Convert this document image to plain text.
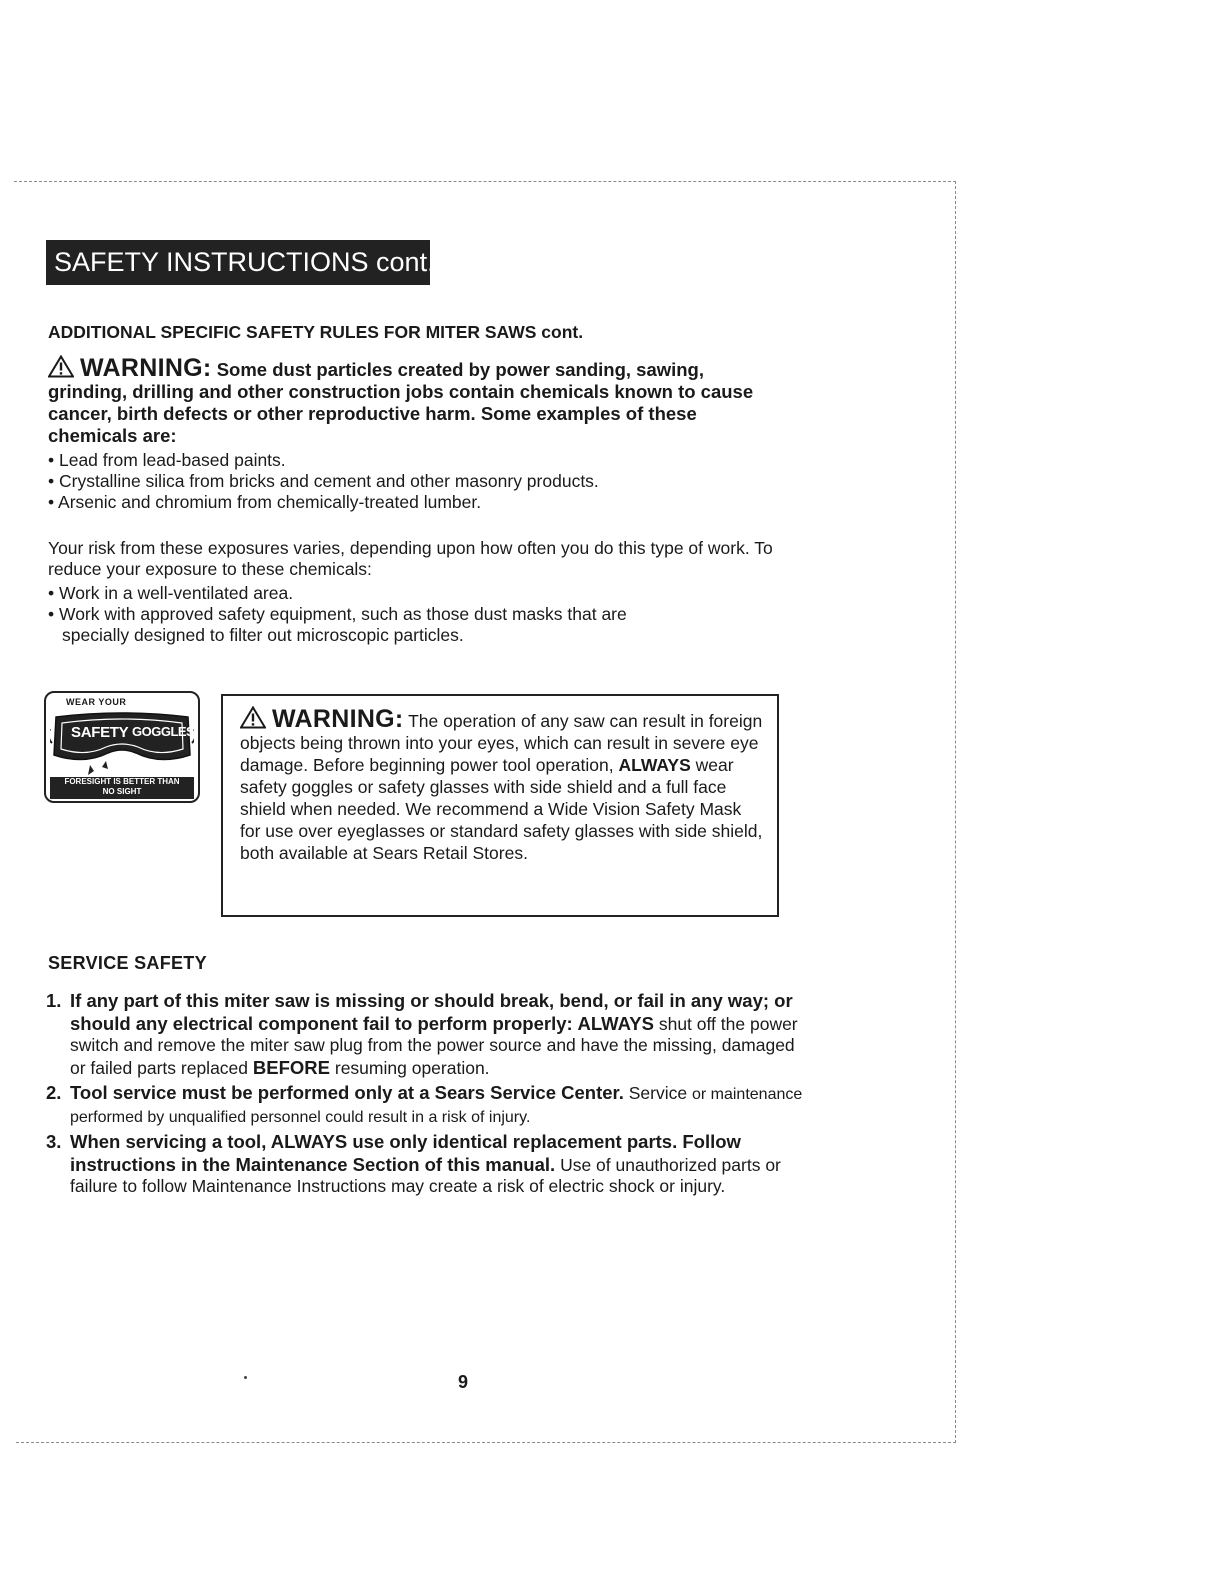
SAFETY INSTRUCTIONS cont.
ADDITIONAL SPECIFIC SAFETY RULES FOR MITER SAWS cont.

WARNING: Some dust particles created by power sanding, sawing, grinding, drilling and other construction jobs contain chemicals known to cause cancer, birth defects or other reproductive harm. Some examples of these chemicals are:

• Lead from lead-based paints.
• Crystalline silica from bricks and cement and other masonry products.
• Arsenic and chromium from chemically-treated lumber.

Your risk from these exposures varies, depending upon how often you do this type of work. To reduce your exposure to these chemicals:

• Work in a well-ventilated area.
• Work with approved safety equipment, such as those dust masks that are specially designed to filter out microscopic particles.
WEAR YOUR
SAFETY GOGGLES
FORESIGHT IS BETTER THAN
NO SIGHT
WARNING: The operation of any saw can result in foreign objects being thrown into your eyes, which can result in severe eye damage. Before beginning power tool operation, ALWAYS wear safety goggles or safety glasses with side shield and a full face shield when needed. We recommend a Wide Vision Safety Mask for use over eyeglasses or standard safety glasses with side shield, both available at Sears Retail Stores.
SERVICE SAFETY
1. If any part of this miter saw is missing or should break, bend, or fail in any way; or should any electrical component fail to perform properly: ALWAYS shut off the power switch and remove the miter saw plug from the power source and have the missing, damaged or failed parts replaced BEFORE resuming operation.
2. Tool service must be performed only at a Sears Service Center. Service or maintenance performed by unqualified personnel could result in a risk of injury.
3. When servicing a tool, ALWAYS use only identical replacement parts. Follow instructions in the Maintenance Section of this manual. Use of unauthorized parts or failure to follow Maintenance Instructions may create a risk of electric shock or injury.
9
